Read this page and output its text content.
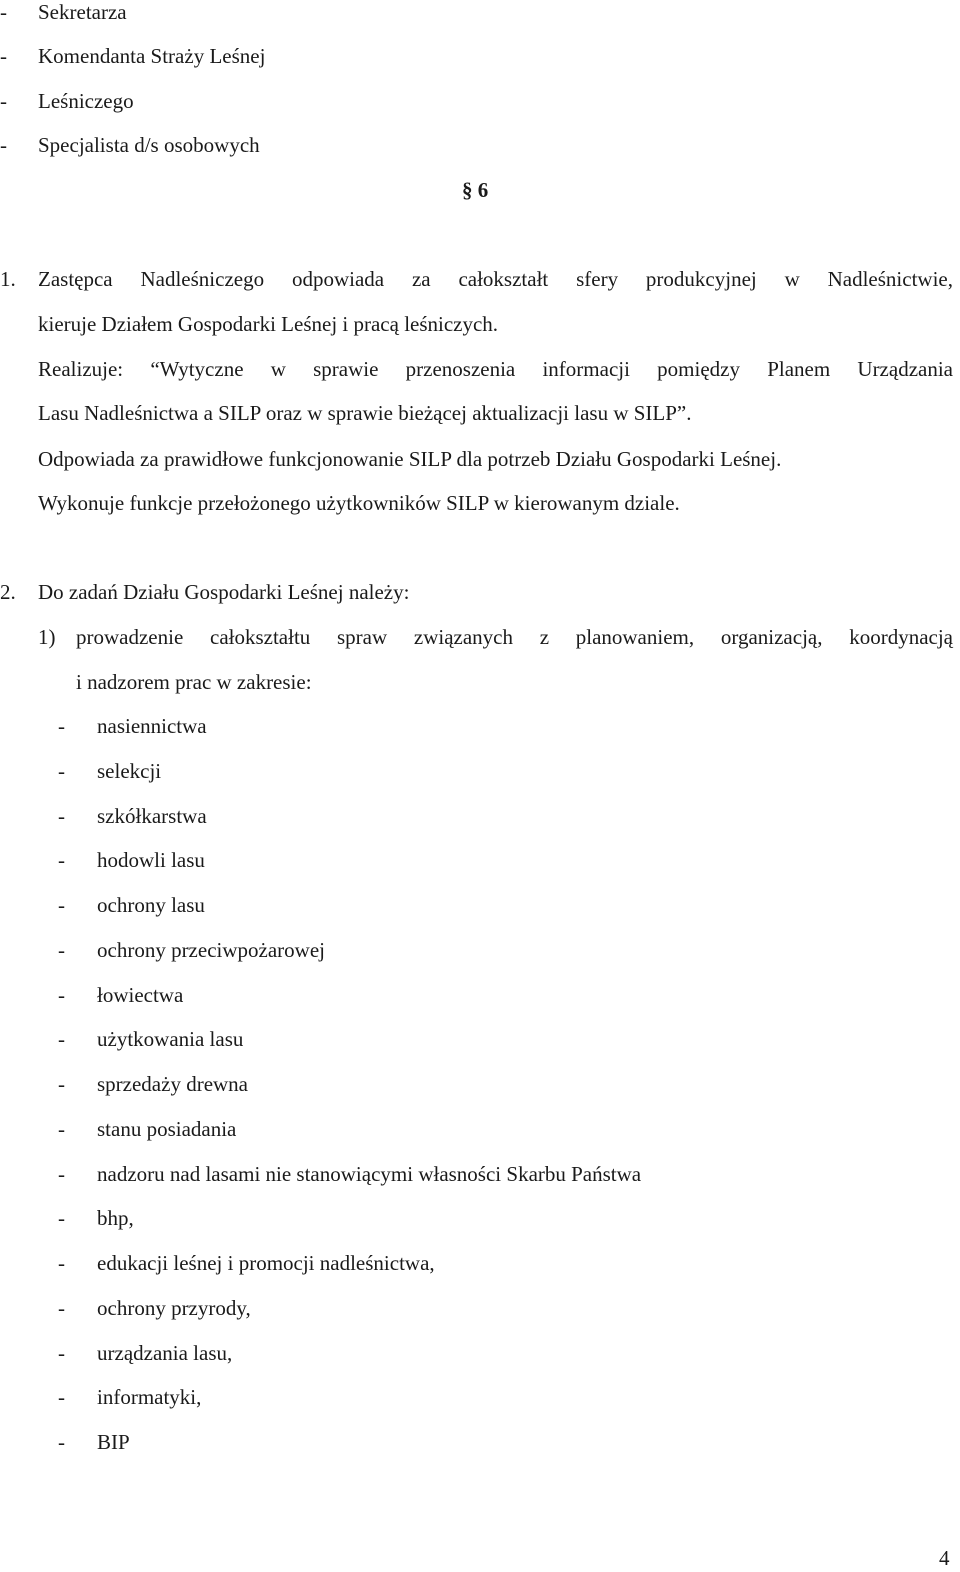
- Sekretarza
- Komendanta Straży Leśnej
- Leśniczego
- Specjalista d/s osobowych
§ 6
1. Zastępca Nadleśniczego odpowiada za całokształt sfery produkcyjnej w Nadleśnictwie,
kieruje Działem Gospodarki Leśnej i pracą leśniczych.
Realizuje: “Wytyczne w sprawie przenoszenia informacji pomiędzy Planem Urządzania
Lasu Nadleśnictwa a SILP oraz w sprawie bieżącej aktualizacji lasu w SILP”.
Odpowiada za prawidłowe funkcjonowanie SILP dla potrzeb Działu Gospodarki Leśnej.
Wykonuje funkcje przełożonego użytkowników SILP w kierowanym dziale.
2. Do zadań Działu Gospodarki Leśnej należy:
1) prowadzenie całokształtu spraw związanych z planowaniem, organizacją, koordynacją
i nadzorem prac w zakresie:
- nasiennictwa
- selekcji
- szkółkarstwa
- hodowli lasu
- ochrony lasu
- ochrony przeciwpożarowej
- łowiectwa
- użytkowania lasu
- sprzedaży drewna
- stanu posiadania
- nadzoru nad lasami nie stanowiącymi własności Skarbu Państwa
- bhp,
- edukacji leśnej i promocji nadleśnictwa,
- ochrony przyrody,
- urządzania lasu,
- informatyki,
- BIP
4
